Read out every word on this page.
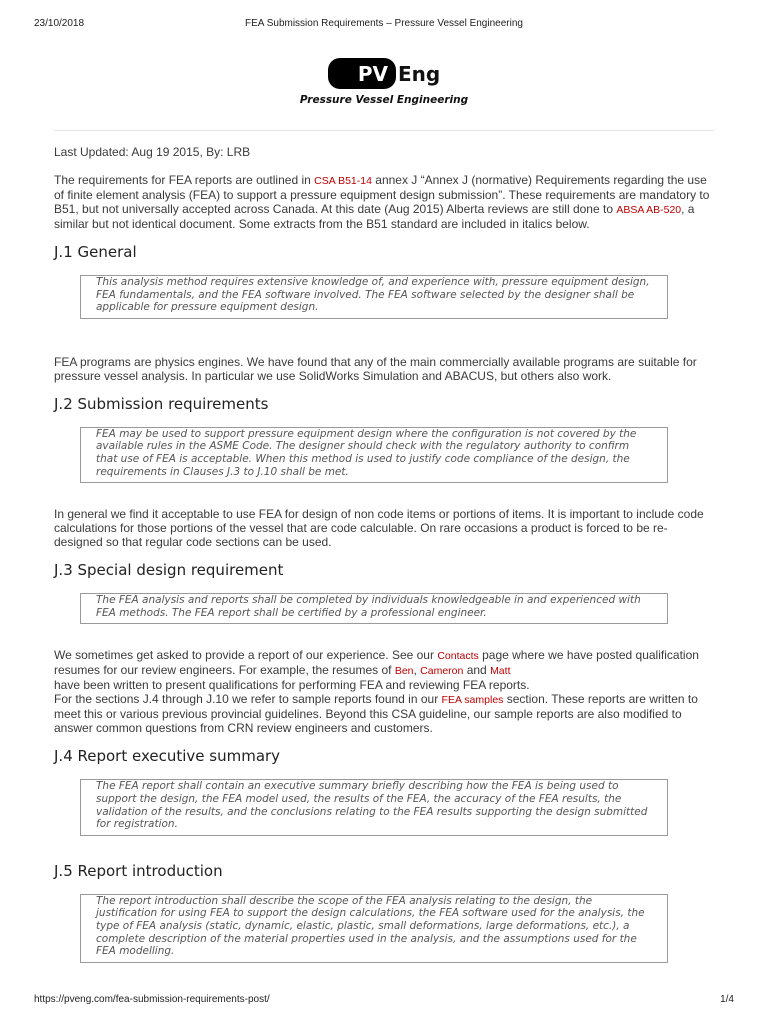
23/10/2018	FEA Submission Requirements – Pressure Vessel Engineering
PV Eng
Pressure Vessel Engineering

Last Updated: Aug 19 2015, By: LRB

The requirements for FEA reports are outlined in CSA B51-14 annex J “Annex J (normative) Requirements regarding the use of finite element analysis (FEA) to support a pressure equipment design submission”. These requirements are mandatory to B51, but not universally accepted across Canada. At this date (Aug 2015) Alberta reviews are still done to ABSA AB-520, a similar but not identical document. Some extracts from the B51 standard are included in italics below.

J.1 General
This analysis method requires extensive knowledge of, and experience with, pressure equipment design, FEA fundamentals, and the FEA software involved. The FEA software selected by the designer shall be applicable for pressure equipment design.

FEA programs are physics engines. We have found that any of the main commercially available programs are suitable for pressure vessel analysis. In particular we use SolidWorks Simulation and ABACUS, but others also work.

J.2 Submission requirements
FEA may be used to support pressure equipment design where the configuration is not covered by the available rules in the ASME Code. The designer should check with the regulatory authority to confirm that use of FEA is acceptable. When this method is used to justify code compliance of the design, the requirements in Clauses J.3 to J.10 shall be met.

In general we find it acceptable to use FEA for design of non code items or portions of items. It is important to include code calculations for those portions of the vessel that are code calculable. On rare occasions a product is forced to be re-designed so that regular code sections can be used.

J.3 Special design requirement
The FEA analysis and reports shall be completed by individuals knowledgeable in and experienced with FEA methods. The FEA report shall be certified by a professional engineer.

We sometimes get asked to provide a report of our experience. See our Contacts page where we have posted qualification resumes for our review engineers. For example, the resumes of Ben, Cameron and Matt
have been written to present qualifications for performing FEA and reviewing FEA reports.
For the sections J.4 through J.10 we refer to sample reports found in our FEA samples section. These reports are written to meet this or various previous provincial guidelines. Beyond this CSA guideline, our sample reports are also modified to answer common questions from CRN review engineers and customers.

J.4 Report executive summary
The FEA report shall contain an executive summary briefly describing how the FEA is being used to support the design, the FEA model used, the results of the FEA, the accuracy of the FEA results, the validation of the results, and the conclusions relating to the FEA results supporting the design submitted for registration.
J.5 Report introduction
The report introduction shall describe the scope of the FEA analysis relating to the design, the justification for using FEA to support the design calculations, the FEA software used for the analysis, the type of FEA analysis (static, dynamic, elastic, plastic, small deformations, large deformations, etc.), a complete description of the material properties used in the analysis, and the assumptions used for the FEA modelling.
https://pveng.com/fea-submission-requirements-post/	1/4
